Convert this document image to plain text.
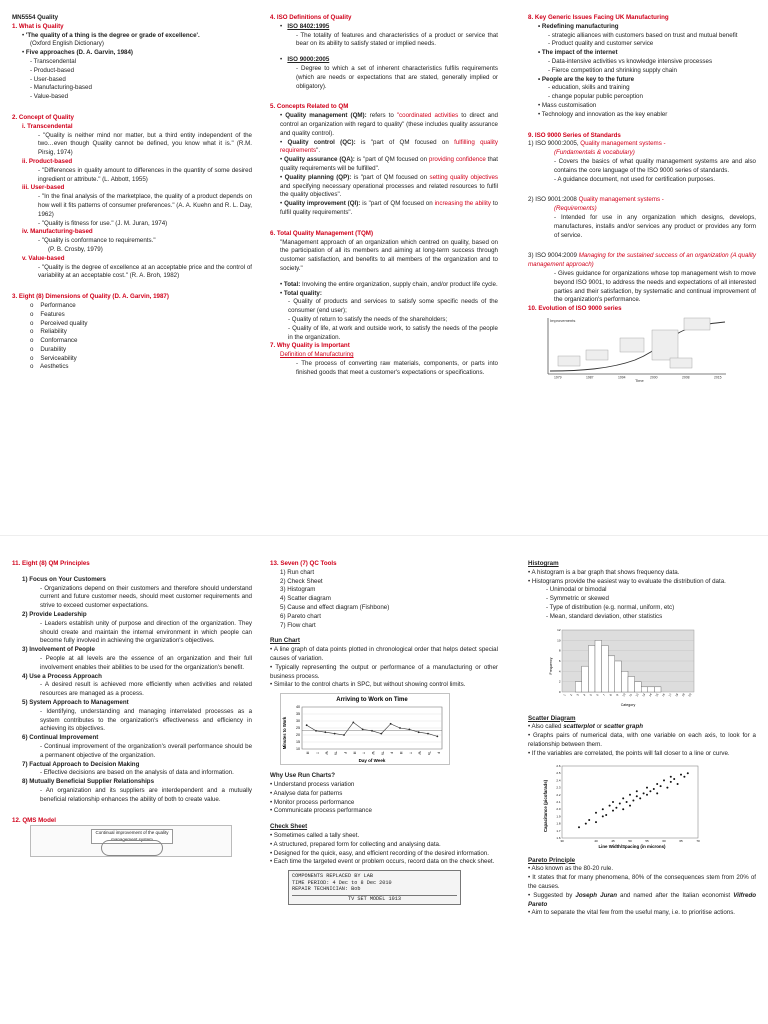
MN5554 Quality
1. What is Quality
• 'The quality of a thing is the degree or grade of excellence'.
(Oxford English Dictionary)
• Five approaches (D. A. Garvin, 1984)
- Transcendental
- Product-based
- User-based
- Manufacturing-based
- Value-based
2. Concept of Quality
i. Transcendental
- "Quality is neither mind nor matter, but a third entity independent of the two…even though Quality cannot be defined, you know what it is." (R.M. Pirsig, 1974)
ii. Product-based
- "Differences in quality amount to differences in the quantity of some desired ingredient or attribute." (L. Abbott, 1955)
iii. User-based
- "In the final analysis of the marketplace, the quality of a product depends on how well it fits patterns of consumer preferences." (A. A. Kuehn and R. L. Day, 1962)
- "Quality is fitness for use." (J. M. Juran, 1974)
iv. Manufacturing-based
- "Quality is conformance to requirements."
(P. B. Crosby, 1979)
v. Value-based
- "Quality is the degree of excellence at an acceptable price and the control of variability at an acceptable cost." (R. A. Broh, 1982)
3. Eight (8) Dimensions of Quality (D. A. Garvin, 1987)
o    Performance
o    Features
o    Perceived quality
o    Reliability
o    Conformance
o    Durability
o    Serviceability
o    Aesthetics
4. ISO Definitions of Quality
•   ISO 8402:1995
- The totality of features and characteristics of a product or service that bear on its ability to satisfy stated or implied needs.
•   ISO 9000:2005
- Degree to which a set of inherent characteristics fulfils requirements (which are needs or expectations that are stated, generally implied or obligatory).
5. Concepts Related to QM
• Quality management (QM): refers to "coordinated activities to direct and control an organization with regard to quality" (these includes quality assurance and quality control).
• Quality control (QC): is "part of QM focused on fulfilling quality requirements".
• Quality assurance (QA): is "part of QM focused on providing confidence that quality requirements will be fulfilled".
• Quality planning (QP): is "part of QM focused on setting quality objectives and specifying necessary operational processes and related resources to fulfil the quality objectives".
• Quality improvement (QI): is "part of QM focused on increasing the ability to fulfil quality requirements".
6. Total Quality Management (TQM)
"Management approach of an organization which centred on quality, based on the participation of all its members and aiming at long-term success through customer satisfaction, and benefits to all members of the organization and to society."
• Total: Involving the entire organization, supply chain, and/or product life cycle.
• Total quality:
- Quality of products and services to satisfy some specific needs of the consumer (end user);
- Quality of return to satisfy the needs of the shareholders;
- Quality of life, at work and outside work, to satisfy the needs of the people in the organization.
7. Why Quality is Important
Definition of Manufacturing
- The process of converting raw materials, components, or parts into finished goods that meet a customer's expectations or specifications.
8. Key Generic Issues Facing UK Manufacturing
• Redefining manufacturing
- strategic alliances with customers based on trust and mutual benefit
- Product quality and customer service
• The impact of the internet
- Data-intensive activities vs knowledge intensive processes
- Fierce competition and shrinking supply chain
• People are the key to the future
- education, skills and training
- change popular public perception
• Mass customisation
• Technology and innovation as the key enabler
9. ISO 9000 Series of Standards
1) ISO 9000:2005, Quality management systems -
(Fundamentals & vocabulary)
- Covers the basics of what quality management systems are and also contains the core language of the ISO 9000 series of standards.
- A guidance document, not used for certification purposes.
2) ISO 9001:2008 Quality management systems -
(Requirements)
- Intended for use in any organization which designs, develops, manufactures, installs and/or services any product or provides any form of service.
3) ISO 9004:2009 Managing for the sustained success of an organization (A quality management approach)
- Gives guidance for organizations whose top management wish to move beyond ISO 9001, to address the needs and expectations of all interested parties and their satisfaction, by systematic and continual improvement of the organization's performance.
10. Evolution of ISO 9000 series
Improvements
1979	1987	1994	2000	2008	2015
Time
11. Eight (8) QM Principles
1) Focus on Your Customers
- Organizations depend on their customers and therefore should understand current and future customer needs, should meet customer requirements and strive to exceed customer expectations.
2) Provide Leadership
- Leaders establish unity of purpose and direction of the organization. They should create and maintain the internal environment in which people can become fully involved in achieving the organization's objectives.
3) Involvement of People
- People at all levels are the essence of an organization and their full involvement enables their abilities to be used for the organization's benefit.
4) Use a Process Approach
- A desired result is achieved more efficiently when activities and related resources are managed as a process.
5) System Approach to Management
- Identifying, understanding and managing interrelated processes as a system contributes to the organization's effectiveness and efficiency in achieving its objectives.
6) Continual Improvement
- Continual improvement of the organization's overall performance should be a permanent objective of the organization.
7) Factual Approach to Decision Making
- Effective decisions are based on the analysis of data and information.
8) Mutually Beneficial Supplier Relationships
- An organization and its suppliers are interdependent and a mutually beneficial relationship enhances the ability of both to create value.
12. QMS Model
Continual improvement of the quality management system
13. Seven (7) QC Tools
1) Run chart
2) Check Sheet
3) Histogram
4) Scatter diagram
5) Cause and effect diagram (Fishbone)
6) Pareto chart
7) Flow chart
Run Chart
• A line graph of data points plotted in chronological order that helps detect special causes of variation.
• Typically representing the output or performance of a manufacturing or other business process.
• Similar to the control charts in SPC, but without showing control limits.
Arriving to Work on Time
Minutes to Work
Day of Week
40
35
30
25
20
15
10
M T W Th F M T W Th F M T W Th F
Why Use Run Charts?
• Understand process variation
• Analyse data for patterns
• Monitor process performance
• Communicate process performance
Check Sheet
• Sometimes called a tally sheet.
• A structured, prepared form for collecting and analysing data.
• Designed for the quick, easy, and efficient recording of the desired information.
• Each time the targeted event or problem occurs, record data on the check sheet.
COMPONENTS REPLACED BY LAB
TIME PERIOD: 4 Dec to 8 Dec 2010
REPAIR TECHNICIAN: Bob
TV SET MODEL 1013
Histogram
• A histogram is a bar graph that shows frequency data.
• Histograms provide the easiest way to evaluate the distribution of data.
- Unimodal or bimodal
- Symmetric or skewed
- Type of distribution (e.g. normal, uniform, etc)
- Mean, standard deviation, other statistics
Frequency
Category
0
2
4
6
8
10
12
1 2 3 4 5 6 7 8 9 10 11 12 13 14 15 16 17 18 19 20
Scatter Diagram
• Also called scatterplot or scatter graph
• Graphs pairs of numerical data, with one variable on each axis, to look for a relationship between them.
• If the variables are correlated, the points will fall closer to a line or curve.
Capacitance (picofarads)
Line Width/Spacing (in microns)
1.6
1.7
1.8
1.9
2.0
2.1
2.2
2.3
2.4
2.5
2.6
30	40	45	50	55	60	65	70
Pareto Principle
• Also known as the 80-20 rule.
• It states that for many phenomena, 80% of the consequences stem from 20% of the causes.
• Suggested by Joseph Juran and named after the Italian economist Vilfredo Pareto
• Aim to separate the vital few from the useful many, i.e. to prioritise actions.
